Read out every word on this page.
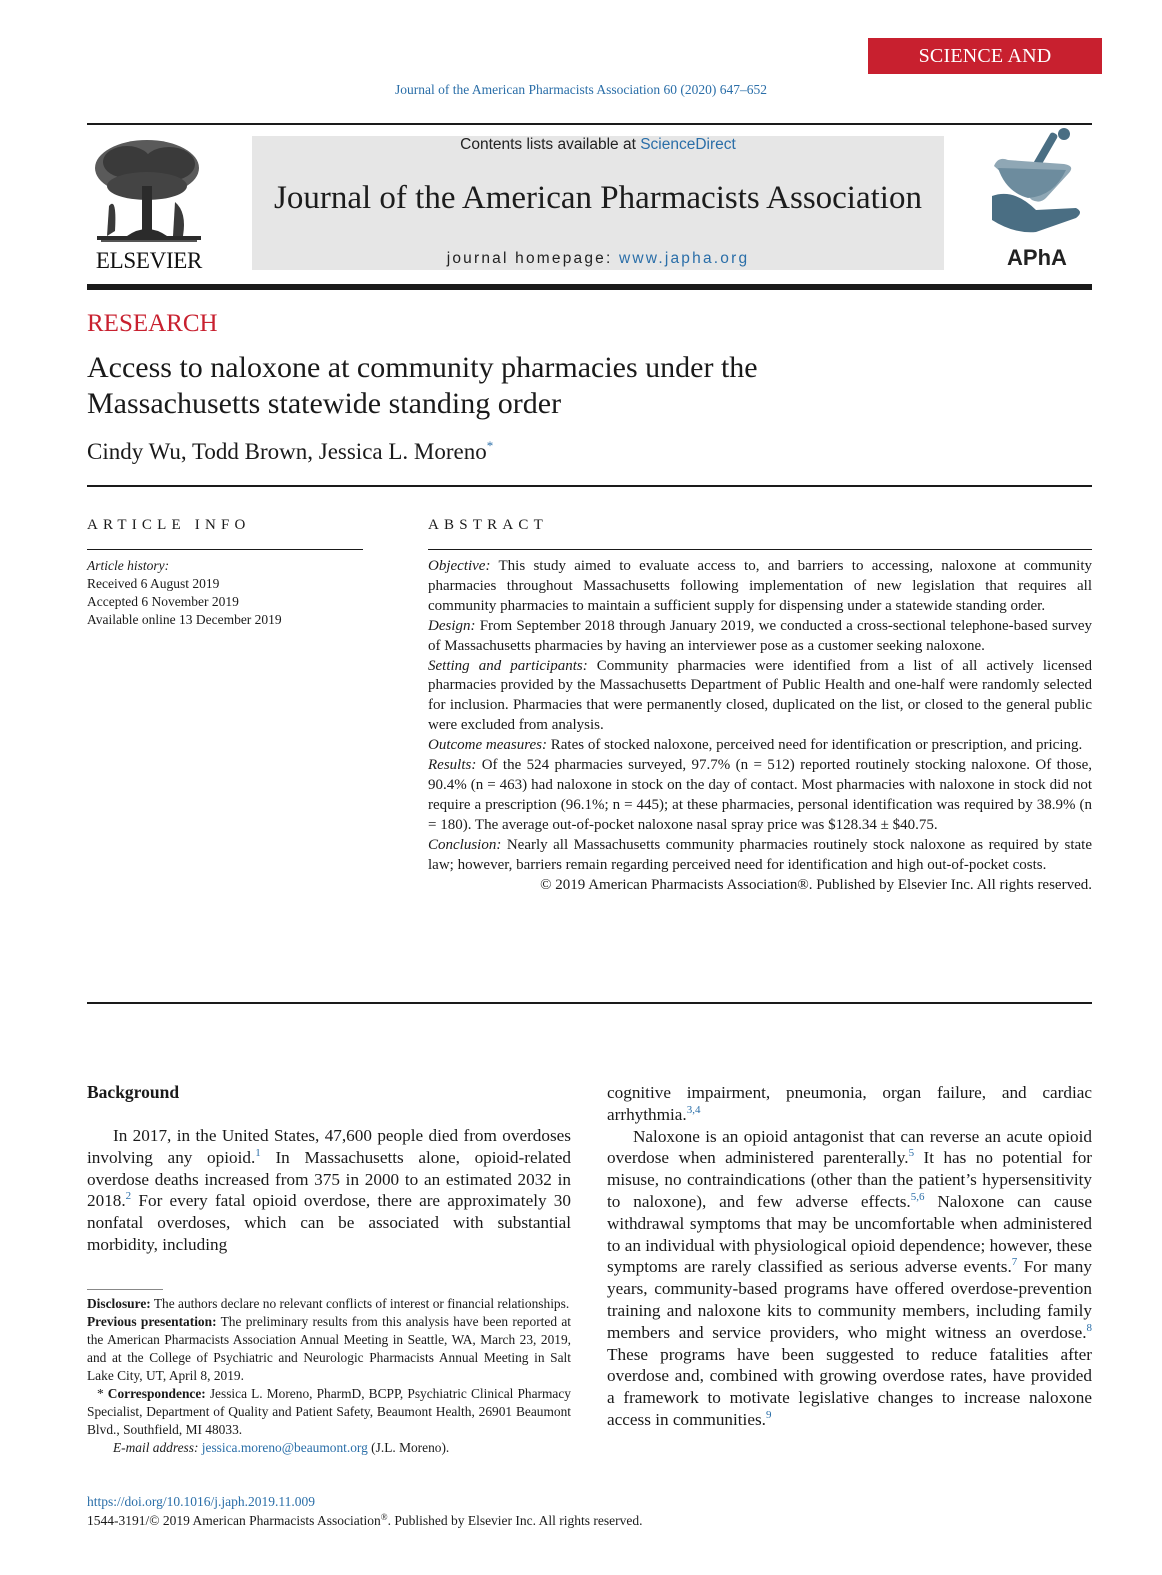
SCIENCE AND PRACTICE
Journal of the American Pharmacists Association 60 (2020) 647–652
ELSEVIER
Contents lists available at ScienceDirect
Journal of the American Pharmacists Association
journal homepage: www.japha.org	APhA
RESEARCH
Access to naloxone at community pharmacies under the
Massachusetts statewide standing order
Cindy Wu, Todd Brown, Jessica L. Moreno*
ARTICLE INFO
Article history:
Received 6 August 2019
Accepted 6 November 2019
Available online 13 December 2019
ABSTRACT

Objective: This study aimed to evaluate access to, and barriers to accessing, naloxone at community pharmacies throughout Massachusetts following implementation of new legislation that requires all community pharmacies to maintain a sufficient supply for dispensing under a statewide standing order.

Design: From September 2018 through January 2019, we conducted a cross-sectional telephone-based survey of Massachusetts pharmacies by having an interviewer pose as a customer seeking naloxone.

Setting and participants: Community pharmacies were identified from a list of all actively licensed pharmacies provided by the Massachusetts Department of Public Health and one-half were randomly selected for inclusion. Pharmacies that were permanently closed, duplicated on the list, or closed to the general public were excluded from analysis.

Outcome measures: Rates of stocked naloxone, perceived need for identification or prescription, and pricing.

Results: Of the 524 pharmacies surveyed, 97.7% (n = 512) reported routinely stocking naloxone. Of those, 90.4% (n = 463) had naloxone in stock on the day of contact. Most pharmacies with naloxone in stock did not require a prescription (96.1%; n = 445); at these pharmacies, personal identification was required by 38.9% (n = 180). The average out-of-pocket naloxone nasal spray price was $128.34 ± $40.75.

Conclusion: Nearly all Massachusetts community pharmacies routinely stock naloxone as required by state law; however, barriers remain regarding perceived need for identification and high out-of-pocket costs.

© 2019 American Pharmacists Association®. Published by Elsevier Inc. All rights reserved.

Background

In 2017, in the United States, 47,600 people died from overdoses involving any opioid.$^1$ In Massachusetts alone, opioid-related overdose deaths increased from 375 in 2000 to an estimated 2032 in 2018.$^2$ For every fatal opioid overdose, there are approximately 30 nonfatal overdoses, which can be associated with substantial morbidity, including

Disclosure: The authors declare no relevant conflicts of interest or financial relationships.

Previous presentation: The preliminary results from this analysis have been reported at the American Pharmacists Association Annual Meeting in Seattle, WA, March 23, 2019, and at the College of Psychiatric and Neurologic Pharmacists Annual Meeting in Salt Lake City, UT, April 8, 2019.

* Correspondence: Jessica L. Moreno, PharmD, BCPP, Psychiatric Clinical Pharmacy Specialist, Department of Quality and Patient Safety, Beaumont Health, 26901 Beaumont Blvd., Southfield, MI 48033.

E-mail address: jessica.moreno@beaumont.org (J.L. Moreno).

cognitive impairment, pneumonia, organ failure, and cardiac arrhythmia.$^{3,4}$

Naloxone is an opioid antagonist that can reverse an acute opioid overdose when administered parenterally.$^5$ It has no potential for misuse, no contraindications (other than the patient’s hypersensitivity to naloxone), and few adverse effects.$^{5,6}$ Naloxone can cause withdrawal symptoms that may be uncomfortable when administered to an individual with physiological opioid dependence; however, these symptoms are rarely classified as serious adverse events.$^7$ For many years, community-based programs have offered overdose-prevention training and naloxone kits to community members, including family members and service providers, who might witness an overdose.$^8$ These programs have been suggested to reduce fatalities after overdose and, combined with growing overdose rates, have provided a framework to motivate legislative changes to increase naloxone access in communities.$^9$

https://doi.org/10.1016/j.japh.2019.11.009
1544-3191/© 2019 American Pharmacists Association®. Published by Elsevier Inc. All rights reserved.
